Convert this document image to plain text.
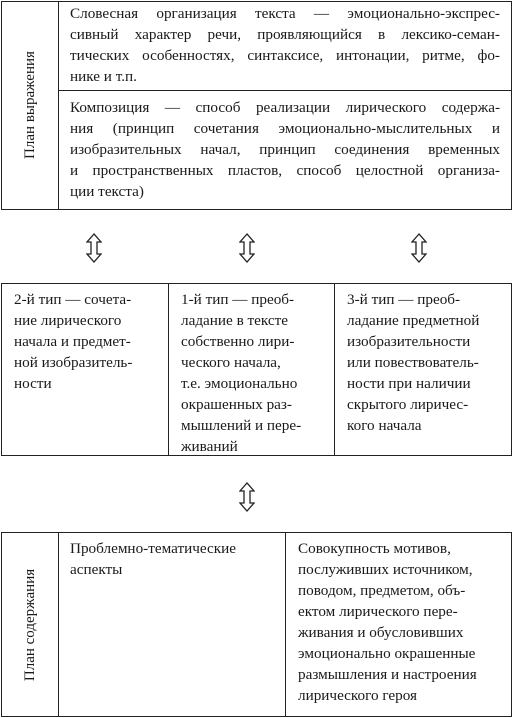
План выражения
Словесная организация текста — эмоционально-экспрес-
сивный характер речи, проявляющийся в лексико-семан-
тических особенностях, синтаксисе, интонации, ритме, фо-
нике и т.п.
Композиция — способ реализации лирического содержа-
ния (принцип сочетания эмоционально-мыслительных и
изобразительных начал, принцип соединения временных
и пространственных пластов, способ целостной организа-
ции текста)
2-й тип — сочета-
ние лирического
начала и предмет-
ной изобразитель-
ности
1-й тип — преоб-
ладание в тексте
собственно лири-
ческого начала,
т.е. эмоционально
окрашенных раз-
мышлений и пере-
живаний
3-й тип — преоб-
ладание предметной
изобразительности
или повествователь-
ности при наличии
скрытого лиричес-
кого начала
План содержания
Проблемно-тематические
аспекты
Совокупность мотивов,
послуживших источником,
поводом, предметом, объ-
ектом лирического пере-
живания и обусловивших
эмоционально окрашенные
размышления и настроения
лирического героя
